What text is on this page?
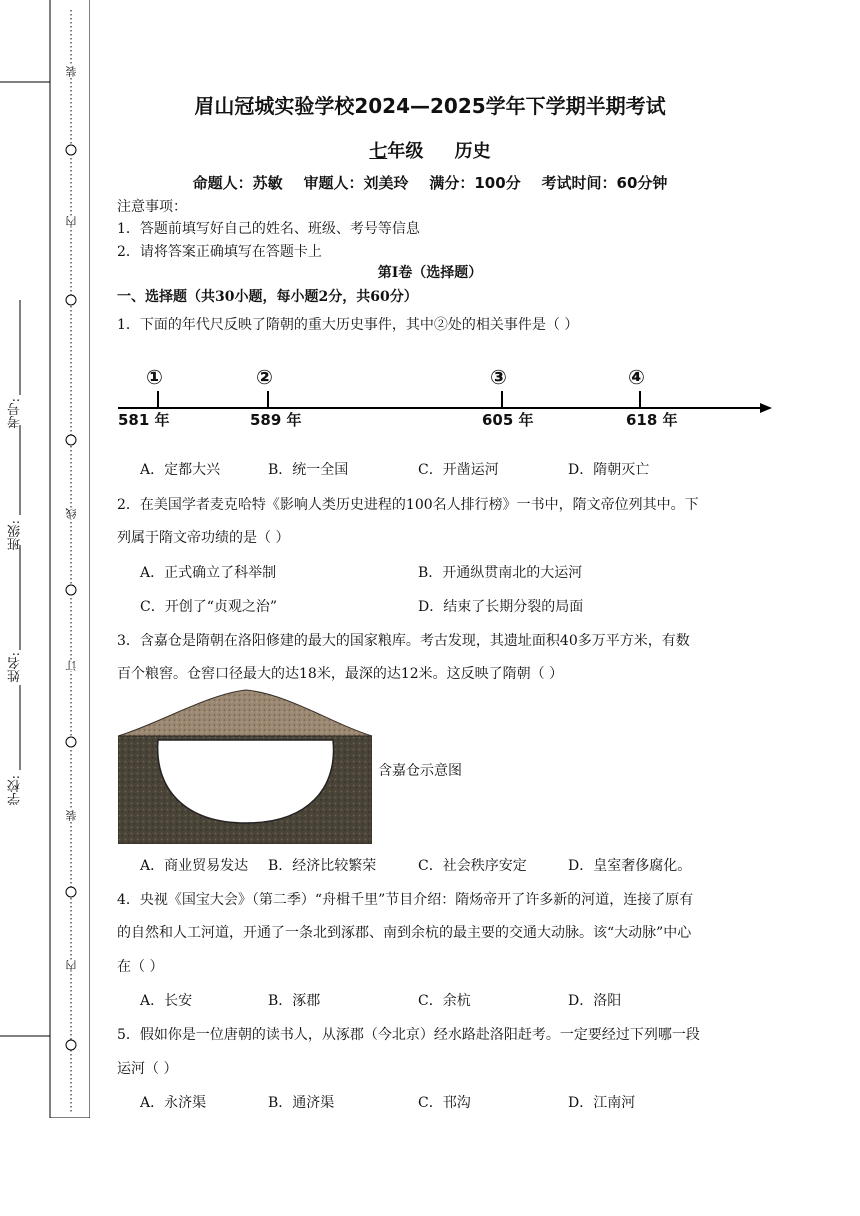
学校:
姓名:
班级:
考号:
装
内
线
订
装
内
眉山冠城实验学校2024—2025学年下学期半期考试
七年级 历史
命题人：苏敏    审题人：刘美玲    满分：100分    考试时间：60分钟
注意事项：
1．答题前填写好自己的姓名、班级、考号等信息
2．请将答案正确填写在答题卡上
第I卷（选择题）
一、选择题（共30小题，每小题2分，共60分）
1．下面的年代尺反映了隋朝的重大历史事件，其中②处的相关事件是（ ）
①	②	③	④
581 年	589 年	605 年	618 年
A．定都大兴	B．统一全国	C．开凿运河	D．隋朝灭亡
2．在美国学者麦克哈特《影响人类历史进程的100名人排行榜》一书中，隋文帝位列其中。下
列属于隋文帝功绩的是（ ）
A．正式确立了科举制	B．开通纵贯南北的大运河
C．开创了“贞观之治”	D．结束了长期分裂的局面
3．含嘉仓是隋朝在洛阳修建的最大的国家粮库。考古发现，其遗址面积40多万平方米，有数
百个粮窖。仓窖口径最大的达18米，最深的达12米。这反映了隋朝（ ）
含嘉仓示意图
A．商业贸易发达 B．经济比较繁荣	C．社会秩序安定	D．皇室奢侈腐化。
4．央视《国宝大会》（第二季）“舟楫千里”节目介绍：隋炀帝开了许多新的河道，连接了原有
的自然和人工河道，开通了一条北到涿郡、南到余杭的最主要的交通大动脉。该“大动脉”中心
在（ ）
A．长安	B．涿郡	C．余杭	D．洛阳
5．假如你是一位唐朝的读书人，从涿郡（今北京）经水路赴洛阳赶考。一定要经过下列哪一段
运河（ ）
A．永济渠	B．通济渠	C．邗沟	D．江南河
